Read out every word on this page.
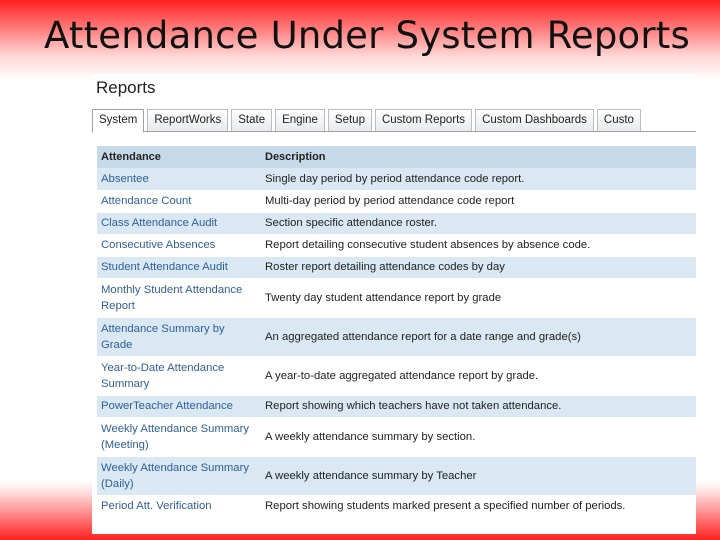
Attendance Under System Reports
Reports
System	ReportWorks	State	Engine	Setup	Custom Reports	Custom Dashboards	Custo
Attendance	Description
Absentee	Single day period by period attendance code report.
Attendance Count	Multi-day period by period attendance code report
Class Attendance Audit	Section specific attendance roster.
Consecutive Absences	Report detailing consecutive student absences by absence code.
Student Attendance Audit	Roster report detailing attendance codes by day
Monthly Student Attendance Report	Twenty day student attendance report by grade
Attendance Summary by Grade	An aggregated attendance report for a date range and grade(s)
Year-to-Date Attendance Summary	A year-to-date aggregated attendance report by grade.
PowerTeacher Attendance	Report showing which teachers have not taken attendance.
Weekly Attendance Summary (Meeting)	A weekly attendance summary by section.
Weekly Attendance Summary (Daily)	A weekly attendance summary by Teacher
Period Att. Verification	Report showing students marked present a specified number of periods.
